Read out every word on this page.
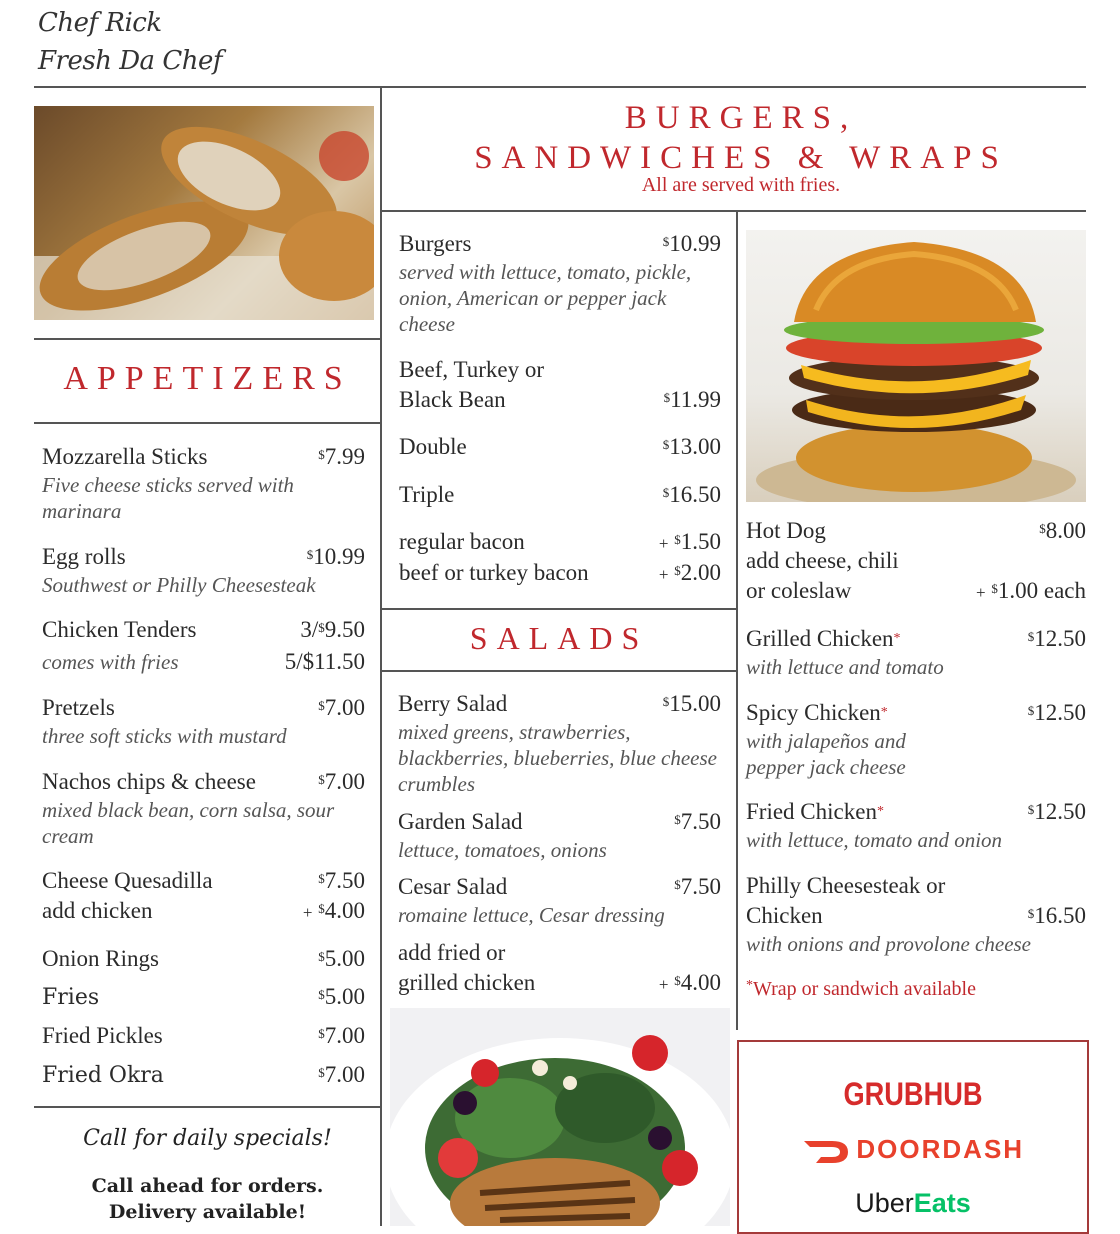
Chef Rick
Fresh Da Chef
APPETIZERS
Mozzarella Sticks	$7.99
Five cheese sticks served with marinara
Egg rolls	$10.99
Southwest or Philly Cheesesteak
Chicken Tenders	3/$9.50
comes with fries	5/$11.50
Pretzels	$7.00
three soft sticks with mustard
Nachos chips & cheese	$7.00
mixed black bean, corn salsa, sour cream
Cheese Quesadilla	$7.50
add chicken	+ $4.00
Onion Rings	$5.00
Fries	$5.00
Fried Pickles	$7.00
Fried Okra	$7.00
Call for daily specials!
Call ahead for orders.
Delivery available!
BURGERS,
SANDWICHES & WRAPS
All are served with fries.
Burgers	$10.99
served with lettuce, tomato, pickle, onion, American or pepper jack cheese
Beef, Turkey or
Black Bean	$11.99
Double	$13.00
Triple	$16.50
regular bacon	+ $1.50
beef or turkey bacon	+ $2.00
SALADS
Berry Salad	$15.00
mixed greens, strawberries, blackberries, blueberries, blue cheese crumbles
Garden Salad	$7.50
lettuce, tomatoes, onions
Cesar Salad	$7.50
romaine lettuce, Cesar dressing
add fried or
grilled chicken	+ $4.00
Hot Dog	$8.00
add cheese, chili
or coleslaw	+ $1.00 each
Grilled Chicken*	$12.50
with lettuce and tomato
Spicy Chicken*	$12.50
with jalapeños and pepper jack cheese
Fried Chicken*	$12.50
with lettuce, tomato and onion
Philly Cheesesteak or
Chicken	$16.50
with onions and provolone cheese
*Wrap or sandwich available
GRUBHUB
DOORDASH
UberEats
